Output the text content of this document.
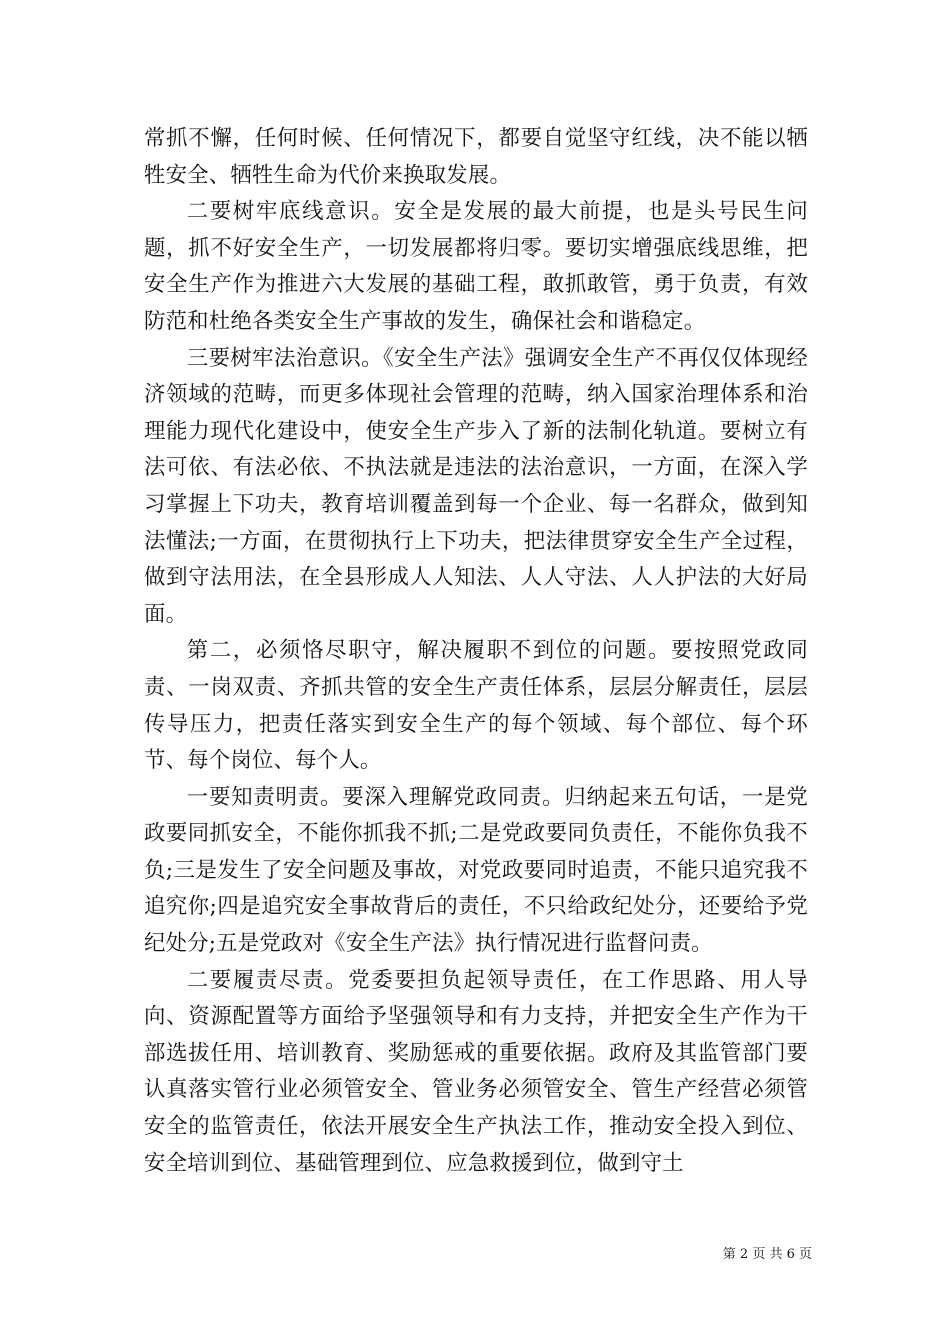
常抓不懈，任何时候、任何情况下，都要自觉坚守红线，决不能以牺牲安全、牺牲生命为代价来换取发展。

二要树牢底线意识。安全是发展的最大前提，也是头号民生问题，抓不好安全生产，一切发展都将归零。要切实增强底线思维，把安全生产作为推进六大发展的基础工程，敢抓敢管，勇于负责，有效防范和杜绝各类安全生产事故的发生，确保社会和谐稳定。

三要树牢法治意识。《安全生产法》强调安全生产不再仅仅体现经济领域的范畴，而更多体现社会管理的范畴，纳入国家治理体系和治理能力现代化建设中，使安全生产步入了新的法制化轨道。要树立有法可依、有法必依、不执法就是违法的法治意识，一方面，在深入学习掌握上下功夫，教育培训覆盖到每一个企业、每一名群众，做到知法懂法;一方面，在贯彻执行上下功夫，把法律贯穿安全生产全过程，做到守法用法，在全县形成人人知法、人人守法、人人护法的大好局面。

第二，必须恪尽职守，解决履职不到位的问题。要按照党政同责、一岗双责、齐抓共管的安全生产责任体系，层层分解责任，层层传导压力，把责任落实到安全生产的每个领域、每个部位、每个环节、每个岗位、每个人。

一要知责明责。要深入理解党政同责。归纳起来五句话，一是党政要同抓安全，不能你抓我不抓;二是党政要同负责任，不能你负我不负;三是发生了安全问题及事故，对党政要同时追责，不能只追究我不追究你;四是追究安全事故背后的责任，不只给政纪处分，还要给予党纪处分;五是党政对《安全生产法》执行情况进行监督问责。

二要履责尽责。党委要担负起领导责任，在工作思路、用人导向、资源配置等方面给予坚强领导和有力支持，并把安全生产作为干部选拔任用、培训教育、奖励惩戒的重要依据。政府及其监管部门要认真落实管行业必须管安全、管业务必须管安全、管生产经营必须管安全的监管责任，依法开展安全生产执法工作，推动安全投入到位、安全培训到位、基础管理到位、应急救援到位，做到守土

第 2 页 共 6 页
